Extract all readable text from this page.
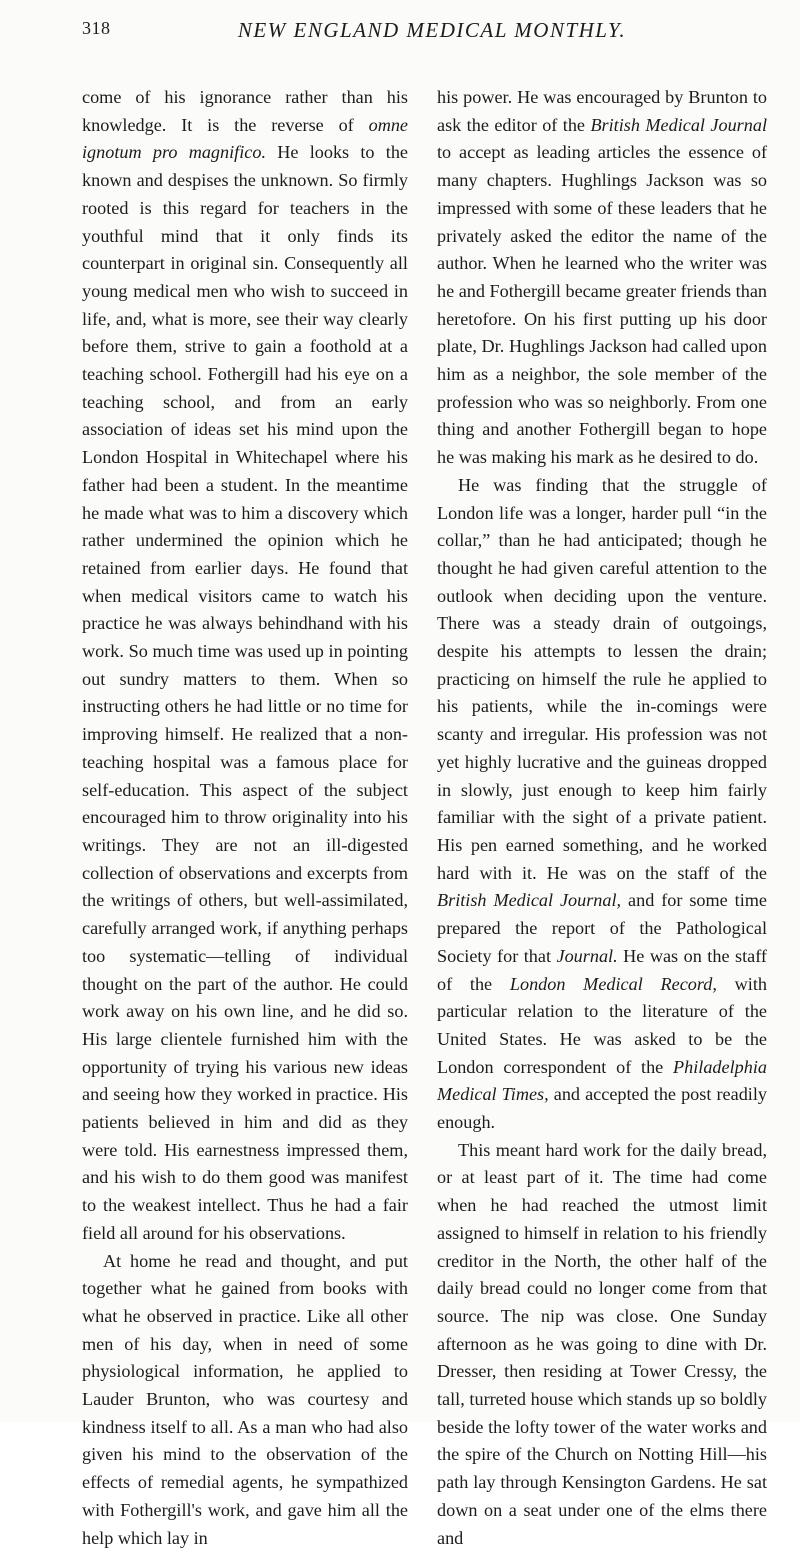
318	NEW ENGLAND MEDICAL MONTHLY.

come of his ignorance rather than his knowledge. It is the reverse of omne ignotum pro magnifico. He looks to the known and despises the unknown. So firmly rooted is this regard for teachers in the youthful mind that it only finds its counterpart in original sin. Consequently all young medical men who wish to succeed in life, and, what is more, see their way clearly before them, strive to gain a foothold at a teaching school. Fothergill had his eye on a teaching school, and from an early association of ideas set his mind upon the London Hospital in Whitechapel where his father had been a student. In the meantime he made what was to him a discovery which rather undermined the opinion which he retained from earlier days. He found that when medical visitors came to watch his practice he was always behindhand with his work. So much time was used up in pointing out sundry matters to them. When so instructing others he had little or no time for improving himself. He realized that a non-teaching hospital was a famous place for self-education. This aspect of the subject encouraged him to throw originality into his writings. They are not an ill-digested collection of observations and excerpts from the writings of others, but well-assimilated, carefully arranged work, if anything perhaps too systematic—telling of individual thought on the part of the author. He could work away on his own line, and he did so. His large clientele furnished him with the opportunity of trying his various new ideas and seeing how they worked in practice. His patients believed in him and did as they were told. His earnestness impressed them, and his wish to do them good was manifest to the weakest intellect. Thus he had a fair field all around for his observations.

At home he read and thought, and put together what he gained from books with what he observed in practice. Like all other men of his day, when in need of some physiological information, he applied to Lauder Brunton, who was courtesy and kindness itself to all. As a man who had also given his mind to the observation of the effects of remedial agents, he sympathized with Fothergill's work, and gave him all the help which lay in

his power. He was encouraged by Brunton to ask the editor of the British Medical Journal to accept as leading articles the essence of many chapters. Hughlings Jackson was so impressed with some of these leaders that he privately asked the editor the name of the author. When he learned who the writer was he and Fothergill became greater friends than heretofore. On his first putting up his door plate, Dr. Hughlings Jackson had called upon him as a neighbor, the sole member of the profession who was so neighborly. From one thing and another Fothergill began to hope he was making his mark as he desired to do.

He was finding that the struggle of London life was a longer, harder pull “in the collar,” than he had anticipated; though he thought he had given careful attention to the outlook when deciding upon the venture. There was a steady drain of outgoings, despite his attempts to lessen the drain; practicing on himself the rule he applied to his patients, while the in-comings were scanty and irregular. His profession was not yet highly lucrative and the guineas dropped in slowly, just enough to keep him fairly familiar with the sight of a private patient. His pen earned something, and he worked hard with it. He was on the staff of the British Medical Journal, and for some time prepared the report of the Pathological Society for that Journal. He was on the staff of the London Medical Record, with particular relation to the literature of the United States. He was asked to be the London correspondent of the Philadelphia Medical Times, and accepted the post readily enough.

This meant hard work for the daily bread, or at least part of it. The time had come when he had reached the utmost limit assigned to himself in relation to his friendly creditor in the North, the other half of the daily bread could no longer come from that source. The nip was close. One Sunday afternoon as he was going to dine with Dr. Dresser, then residing at Tower Cressy, the tall, turreted house which stands up so boldly beside the lofty tower of the water works and the spire of the Church on Notting Hill—his path lay through Kensington Gardens. He sat down on a seat under one of the elms there and
